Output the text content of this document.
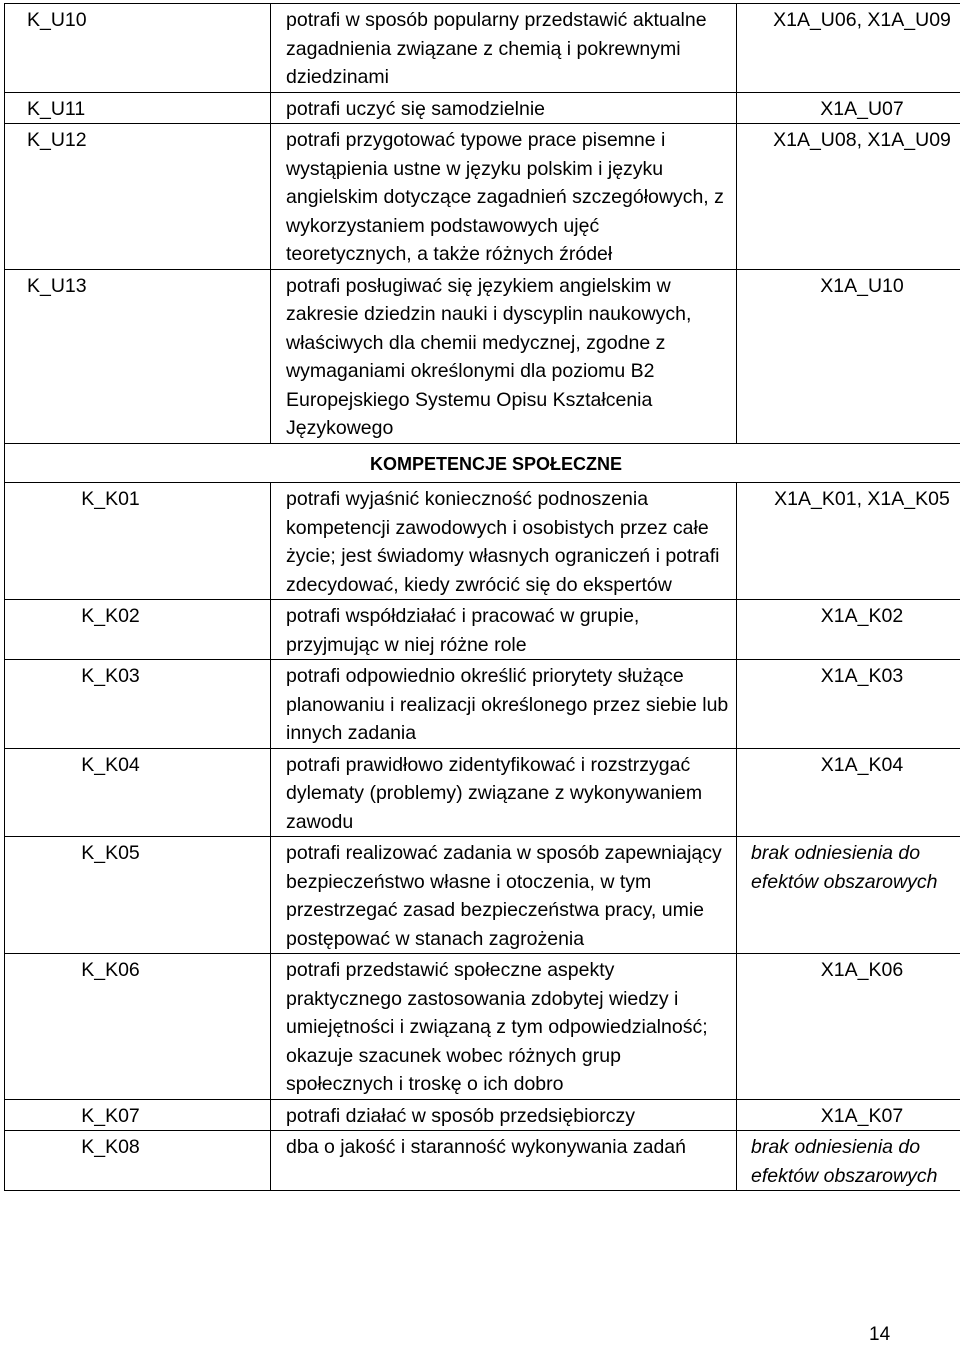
K_U10	potrafi w sposób popularny przedstawić aktualne zagadnienia związane z chemią i pokrewnymi dziedzinami	X1A_U06, X1A_U09
K_U11	potrafi uczyć się samodzielnie	X1A_U07
K_U12	potrafi przygotować typowe prace pisemne i wystąpienia ustne w języku polskim i języku angielskim dotyczące zagadnień szczegółowych, z wykorzystaniem podstawowych ujęć teoretycznych, a także różnych źródeł	X1A_U08, X1A_U09
K_U13	potrafi posługiwać się językiem angielskim w zakresie dziedzin nauki i dyscyplin naukowych, właściwych dla chemii medycznej, zgodne z wymaganiami określonymi dla poziomu B2 Europejskiego Systemu Opisu Kształcenia Językowego	X1A_U10
KOMPETENCJE SPOŁECZNE		
K_K01	potrafi wyjaśnić konieczność podnoszenia kompetencji zawodowych i osobistych przez całe życie; jest świadomy własnych ograniczeń i potrafi zdecydować, kiedy zwrócić się do ekspertów	X1A_K01, X1A_K05
K_K02	potrafi współdziałać i pracować w grupie, przyjmując w niej różne role	X1A_K02
K_K03	potrafi odpowiednio określić priorytety służące planowaniu i realizacji określonego przez siebie lub innych zadania	X1A_K03
K_K04	potrafi prawidłowo zidentyfikować i rozstrzygać dylematy (problemy) związane z wykonywaniem zawodu	X1A_K04
K_K05	potrafi realizować zadania w sposób zapewniający bezpieczeństwo własne i otoczenia, w tym przestrzegać zasad bezpieczeństwa pracy, umie postępować w stanach zagrożenia	brak odniesienia do efektów obszarowych
K_K06	potrafi przedstawić społeczne aspekty praktycznego zastosowania zdobytej wiedzy i umiejętności i związaną z tym odpowiedzialność; okazuje szacunek wobec różnych grup społecznych i troskę o ich dobro	X1A_K06
K_K07	potrafi działać w sposób przedsiębiorczy	X1A_K07
K_K08	dba o jakość i staranność wykonywania zadań	brak odniesienia do efektów obszarowych
14
